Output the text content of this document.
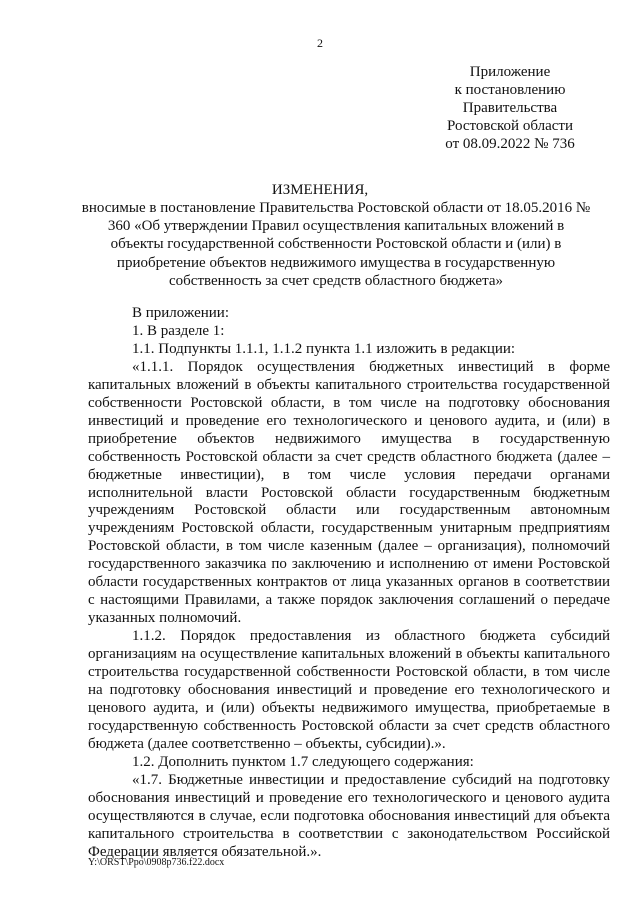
2
Приложение
к постановлению
Правительства
Ростовской области
от 08.09.2022 № 736
ИЗМЕНЕНИЯ,
вносимые в постановление Правительства Ростовской области от 18.05.2016 № 360 «Об утверждении Правил осуществления капитальных вложений в объекты государственной собственности Ростовской области и (или) в приобретение объектов недвижимого имущества в государственную собственность за счет средств областного бюджета»

В приложении:

1. В разделе 1:

1.1. Подпункты 1.1.1, 1.1.2 пункта 1.1 изложить в редакции:

«1.1.1. Порядок осуществления бюджетных инвестиций в форме капитальных вложений в объекты капитального строительства государственной собственности Ростовской области, в том числе на подготовку обоснования инвестиций и проведение его технологического и ценового аудита, и (или) в приобретение объектов недвижимого имущества в государственную собственность Ростовской области за счет средств областного бюджета (далее – бюджетные инвестиции), в том числе условия передачи органами исполнительной власти Ростовской области государственным бюджетным учреждениям Ростовской области или государственным автономным учреждениям Ростовской области, государственным унитарным предприятиям Ростовской области, в том числе казенным (далее – организация), полномочий государственного заказчика по заключению и исполнению от имени Ростовской области государственных контрактов от лица указанных органов в соответствии с настоящими Правилами, а также порядок заключения соглашений о передаче указанных полномочий.

1.1.2. Порядок предоставления из областного бюджета субсидий организациям на осуществление капитальных вложений в объекты капитального строительства государственной собственности Ростовской области, в том числе на подготовку обоснования инвестиций и проведение его технологического и ценового аудита, и (или) объекты недвижимого имущества, приобретаемые в государственную собственность Ростовской области за счет средств областного бюджета (далее соответственно – объекты, субсидии).».

1.2. Дополнить пунктом 1.7 следующего содержания:

«1.7. Бюджетные инвестиции и предоставление субсидий на подготовку обоснования инвестиций и проведение его технологического и ценового аудита осуществляются в случае, если подготовка обоснования инвестиций для объекта капитального строительства в соответствии с законодательством Российской Федерации является обязательной.».

Y:\ORST\Ppo\0908p736.f22.docx
